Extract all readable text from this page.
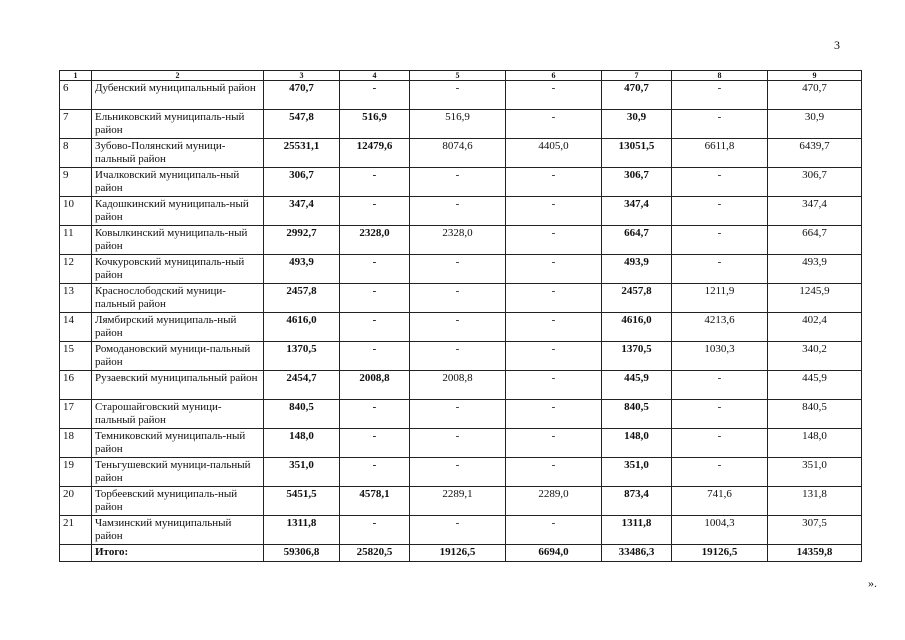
3
1	2	3	4	5	6	7	8	9
6	Дубенский муниципальный район	470,7	-	-	-	470,7	-	470,7
7	Ельниковский муниципаль-ный район	547,8	516,9	516,9	-	30,9	-	30,9
8	Зубово-Полянский муници-пальный район	25531,1	12479,6	8074,6	4405,0	13051,5	6611,8	6439,7
9	Ичалковский муниципаль-ный район	306,7	-	-	-	306,7	-	306,7
10	Кадошкинский муниципаль-ный район	347,4	-	-	-	347,4	-	347,4
11	Ковылкинский муниципаль-ный район	2992,7	2328,0	2328,0	-	664,7	-	664,7
12	Кочкуровский муниципаль-ный район	493,9	-	-	-	493,9	-	493,9
13	Краснослободский муници-пальный район	2457,8	-	-	-	2457,8	1211,9	1245,9
14	Лямбирский муниципаль-ный район	4616,0	-	-	-	4616,0	4213,6	402,4
15	Ромодановский муници-пальный район	1370,5	-	-	-	1370,5	1030,3	340,2
16	Рузаевский муниципальный район	2454,7	2008,8	2008,8	-	445,9	-	445,9
17	Старошайговский муници-пальный район	840,5	-	-	-	840,5	-	840,5
18	Темниковский муниципаль-ный район	148,0	-	-	-	148,0	-	148,0
19	Теньгушевский муници-пальный район	351,0	-	-	-	351,0	-	351,0
20	Торбеевский муниципаль-ный район	5451,5	4578,1	2289,1	2289,0	873,4	741,6	131,8
21	Чамзинский муниципальный район	1311,8	-	-	-	1311,8	1004,3	307,5
	Итого:	59306,8	25820,5	19126,5	6694,0	33486,3	19126,5	14359,8
».
